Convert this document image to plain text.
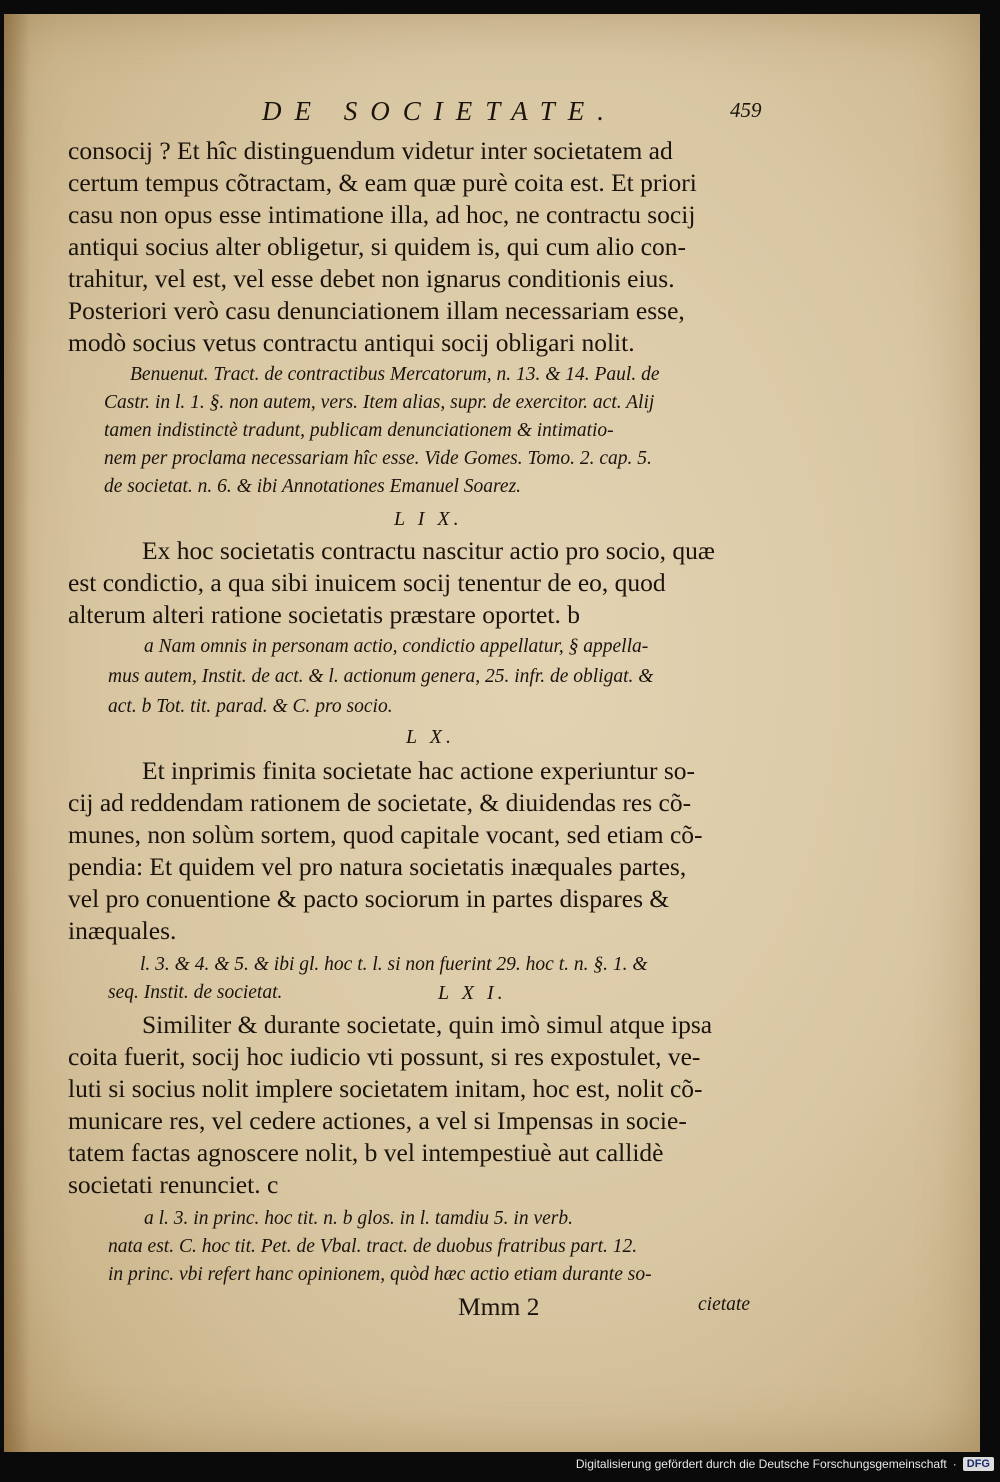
DE SOCIETATE.	459
consocij ? Et hîc distinguendum videtur inter societatem ad
certum tempus cõtractam, & eam quæ purè coita est. Et priori
casu non opus esse intimatione illa, ad hoc, ne contractu socij
antiqui socius alter obligetur, si quidem is, qui cum alio con-
trahitur, vel est, vel esse debet non ignarus conditionis eius.
Posteriori verò casu denunciationem illam necessariam esse,
modò socius vetus contractu antiqui socij obligari nolit.
Benuenut. Tract. de contractibus Mercatorum, n. 13. & 14. Paul. de
Castr. in l. 1. §. non autem, vers. Item alias, supr. de exercitor. act. Alij
tamen indistinctè tradunt, publicam denunciationem & intimatio-
nem per proclama necessariam hîc esse. Vide Gomes. Tomo. 2. cap. 5.
de societat. n. 6. & ibi Annotationes Emanuel Soarez.
L I X.
Ex hoc societatis contractu nascitur actio pro socio, quæ
est condictio, a qua sibi inuicem socij tenentur de eo, quod
alterum alteri ratione societatis præstare oportet. b
a Nam omnis in personam actio, condictio appellatur, § appella-
mus autem, Instit. de act. & l. actionum genera, 25. infr. de obligat. &
act. b Tot. tit. parad. & C. pro socio.
L X.
Et inprimis finita societate hac actione experiuntur so-
cij ad reddendam rationem de societate, & diuidendas res cõ-
munes, non solùm sortem, quod capitale vocant, sed etiam cõ-
pendia: Et quidem vel pro natura societatis inæquales partes,
vel pro conuentione & pacto sociorum in partes dispares &
inæquales.
l. 3. & 4. & 5. & ibi gl. hoc t. l. si non fuerint 29. hoc t. n. §. 1. &
seq. Instit. de societat.	L X I.
Similiter & durante societate, quin imò simul atque ipsa
coita fuerit, socij hoc iudicio vti possunt, si res expostulet, ve-
luti si socius nolit implere societatem initam, hoc est, nolit cõ-
municare res, vel cedere actiones, a vel si Impensas in socie-
tatem factas agnoscere nolit, b vel intempestiuè aut callidè
societati renunciet. c
a l. 3. in princ. hoc tit. n. b glos. in l. tamdiu 5. in verb.
nata est. C. hoc tit. Pet. de Vbal. tract. de duobus fratribus part. 12.
in princ. vbi refert hanc opinionem, quòd hæc actio etiam durante so-
Mmm 2	cietate
Digitalisierung gefördert durch die Deutsche Forschungsgemeinschaft · DFG
